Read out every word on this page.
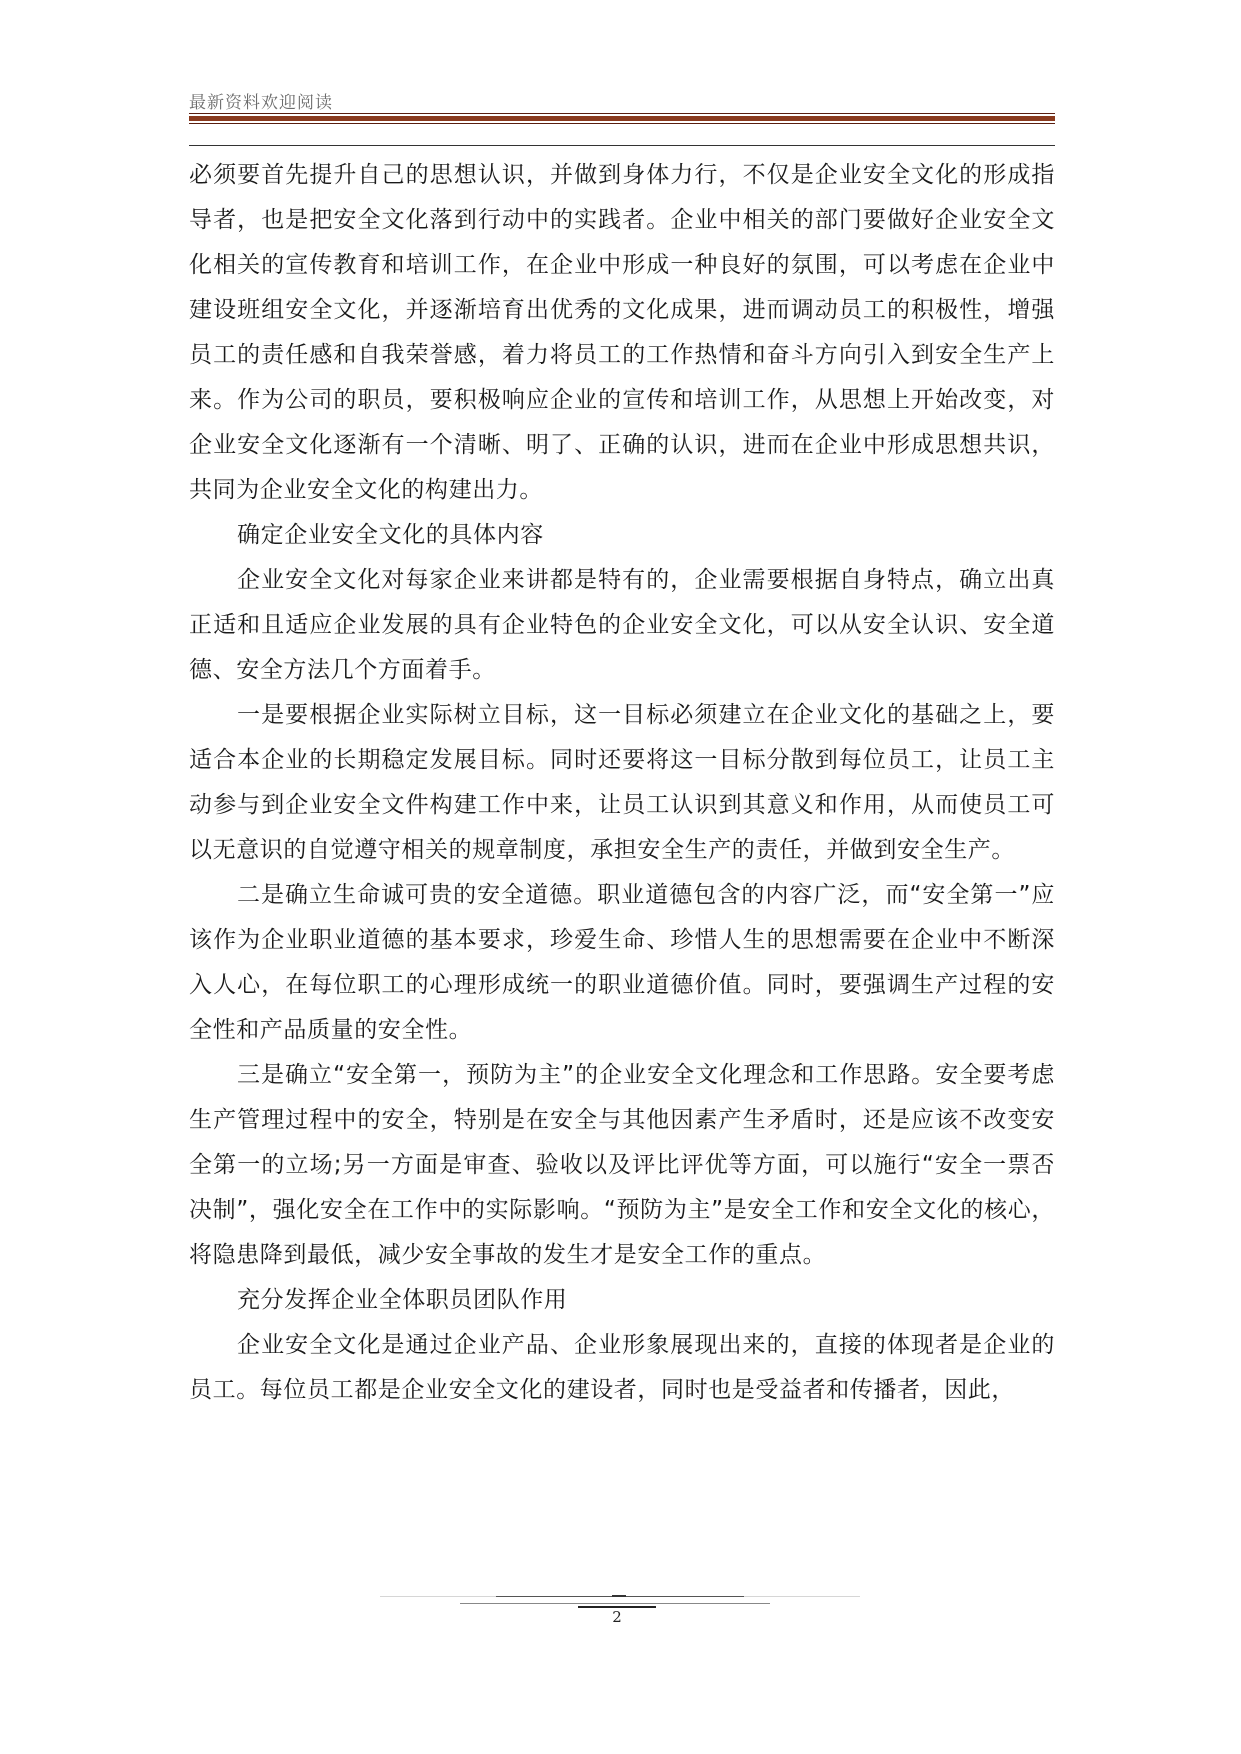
最新资料欢迎阅读

必须要首先提升自己的思想认识，并做到身体力行，不仅是企业安全文化的形成指导者，也是把安全文化落到行动中的实践者。企业中相关的部门要做好企业安全文化相关的宣传教育和培训工作，在企业中形成一种良好的氛围，可以考虑在企业中建设班组安全文化，并逐渐培育出优秀的文化成果，进而调动员工的积极性，增强员工的责任感和自我荣誉感，着力将员工的工作热情和奋斗方向引入到安全生产上来。作为公司的职员，要积极响应企业的宣传和培训工作，从思想上开始改变，对企业安全文化逐渐有一个清晰、明了、正确的认识，进而在企业中形成思想共识，共同为企业安全文化的构建出力。

确定企业安全文化的具体内容

企业安全文化对每家企业来讲都是特有的，企业需要根据自身特点，确立出真正适和且适应企业发展的具有企业特色的企业安全文化，可以从安全认识、安全道德、安全方法几个方面着手。

一是要根据企业实际树立目标，这一目标必须建立在企业文化的基础之上，要适合本企业的长期稳定发展目标。同时还要将这一目标分散到每位员工，让员工主动参与到企业安全文件构建工作中来，让员工认识到其意义和作用，从而使员工可以无意识的自觉遵守相关的规章制度，承担安全生产的责任，并做到安全生产。

二是确立生命诚可贵的安全道德。职业道德包含的内容广泛，而“安全第一”应该作为企业职业道德的基本要求，珍爱生命、珍惜人生的思想需要在企业中不断深入人心，在每位职工的心理形成统一的职业道德价值。同时，要强调生产过程的安全性和产品质量的安全性。

三是确立“安全第一，预防为主”的企业安全文化理念和工作思路。安全要考虑生产管理过程中的安全，特别是在安全与其他因素产生矛盾时，还是应该不改变安全第一的立场;另一方面是审查、验收以及评比评优等方面，可以施行“安全一票否决制”，强化安全在工作中的实际影响。“预防为主”是安全工作和安全文化的核心，将隐患降到最低，减少安全事故的发生才是安全工作的重点。

充分发挥企业全体职员团队作用

企业安全文化是通过企业产品、企业形象展现出来的，直接的体现者是企业的员工。每位员工都是企业安全文化的建设者，同时也是受益者和传播者，因此，

2
